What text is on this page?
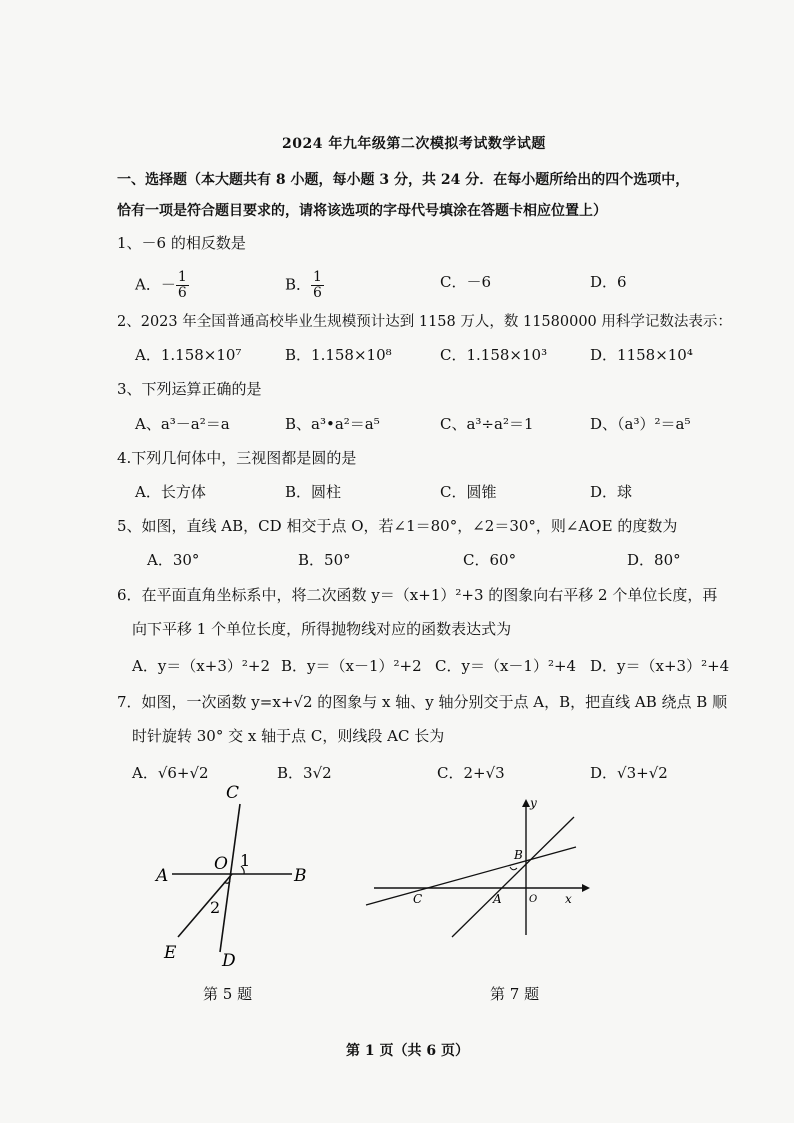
2024 年九年级第二次模拟考试数学试题
一、选择题（本大题共有 8 小题，每小题 3 分，共 24 分．在每小题所给出的四个选项中，
恰有一项是符合题目要求的，请将该选项的字母代号填涂在答题卡相应位置上）
1、－6 的相反数是
A．－ $\frac{1}{6}$	B． $\frac{1}{6}$	C．－6	D．6
2、2023 年全国普通高校毕业生规模预计达到 1158 万人，数 11580000 用科学记数法表示：
A．1.158×10⁷	B．1.158×10⁸	C．1.158×10³	D．1158×10⁴
3、下列运算正确的是
A、a³－a²＝a	B、a³•a²＝a⁵	C、a³÷a²＝1	D、（a³）²＝a⁵
4.下列几何体中，三视图都是圆的是
A．长方体	B．圆柱	C．圆锥	D．球
5、如图，直线 AB，CD 相交于点 O，若∠1＝80°，∠2＝30°，则∠AOE 的度数为
A．30°	B．50°	C．60°	D．80°
6．在平面直角坐标系中，将二次函数 y＝（x+1）²+3 的图象向右平移 2 个单位长度，再
向下平移 1 个单位长度，所得抛物线对应的函数表达式为
A．y＝（x+3）²+2 B．y＝（x－1）²+2 C．y＝（x－1）²+4 D．y＝（x+3）²+4
7．如图，一次函数 y=x+√2 的图象与 x 轴、y 轴分别交于点 A，B，把直线 AB 绕点 B 顺
时针旋转 30° 交 x 轴于点 C，则线段 AC 长为
A．√6+√2	B．3√2	C．2+√3	D．√3+√2
C
A	B
O 1
2
E	D
第 5 题
y
x
B
A
C	O
第 7 题
第 1 页（共 6 页）
